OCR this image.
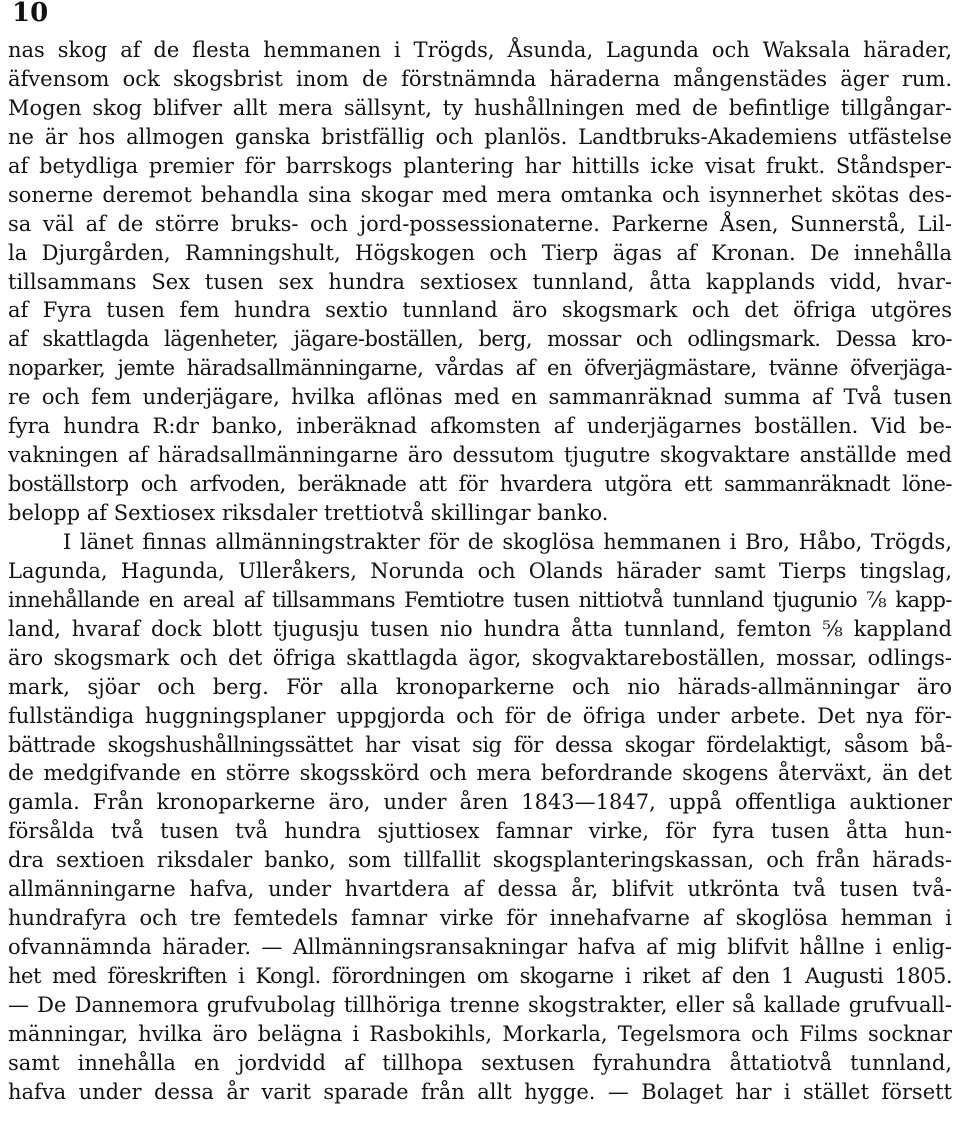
10
nas skog af de flesta hemmanen i Trögds, Åsunda, Lagunda och Waksala härader,
äfvensom ock skogsbrist inom de förstnämnda häraderna mångenstädes äger rum.
Mogen skog blifver allt mera sällsynt, ty hushållningen med de befintlige tillgångar-
ne är hos allmogen ganska bristfällig och planlös. Landtbruks-Akademiens utfästelse
af betydliga premier för barrskogs plantering har hittills icke visat frukt. Ståndsper-
sonerne deremot behandla sina skogar med mera omtanka och isynnerhet skötas des-
sa väl af de större bruks- och jord-possessionaterne. Parkerne Åsen, Sunnerstå, Lil-
la Djurgården, Ramningshult, Högskogen och Tierp ägas af Kronan. De innehålla
tillsammans Sex tusen sex hundra sextiosex tunnland, åtta kapplands vidd, hvar-
af Fyra tusen fem hundra sextio tunnland äro skogsmark och det öfriga utgöres
af skattlagda lägenheter, jägare-boställen, berg, mossar och odlingsmark. Dessa kro-
noparker, jemte häradsallmänningarne, vårdas af en öfverjägmästare, tvänne öfverjäga-
re och fem underjägare, hvilka aflönas med en sammanräknad summa af Två tusen
fyra hundra R:dr banko, inberäknad afkomsten af underjägarnes boställen. Vid be-
vakningen af häradsallmänningarne äro dessutom tjugutre skogvaktare anställde med
boställstorp och arfvoden, beräknade att för hvardera utgöra ett sammanräknadt löne-
belopp af Sextiosex riksdaler trettiotvå skillingar banko.
I länet finnas allmänningstrakter för de skoglösa hemmanen i Bro, Håbo, Trögds,
Lagunda, Hagunda, Ulleråkers, Norunda och Olands härader samt Tierps tingslag,
innehållande en areal af tillsammans Femtiotre tusen nittiotvå tunnland tjugunio ⅞ kapp-
land, hvaraf dock blott tjugusju tusen nio hundra åtta tunnland, femton ⅝ kappland
äro skogsmark och det öfriga skattlagda ägor, skogvaktareboställen, mossar, odlings-
mark, sjöar och berg. För alla kronoparkerne och nio härads-allmänningar äro
fullständiga huggningsplaner uppgjorda och för de öfriga under arbete. Det nya för-
bättrade skogshushållningssättet har visat sig för dessa skogar fördelaktigt, såsom bå-
de medgifvande en större skogsskörd och mera befordrande skogens återväxt, än det
gamla. Från kronoparkerne äro, under åren 1843—1847, uppå offentliga auktioner
försålda två tusen två hundra sjuttiosex famnar virke, för fyra tusen åtta hun-
dra sextioen riksdaler banko, som tillfallit skogsplanteringskassan, och från härads-
allmänningarne hafva, under hvartdera af dessa år, blifvit utkrönta två tusen två-
hundrafyra och tre femtedels famnar virke för innehafvarne af skoglösa hemman i
ofvannämnda härader. — Allmänningsransakningar hafva af mig blifvit hållne i enlig-
het med föreskriften i Kongl. förordningen om skogarne i riket af den 1 Augusti 1805.
— De Dannemora grufvubolag tillhöriga trenne skogstrakter, eller så kallade grufvuall-
männingar, hvilka äro belägna i Rasbokihls, Morkarla, Tegelsmora och Films socknar
samt innehålla en jordvidd af tillhopa sextusen fyrahundra åttatiotvå tunnland,
hafva under dessa år varit sparade från allt hygge. — Bolaget har i stället försett
